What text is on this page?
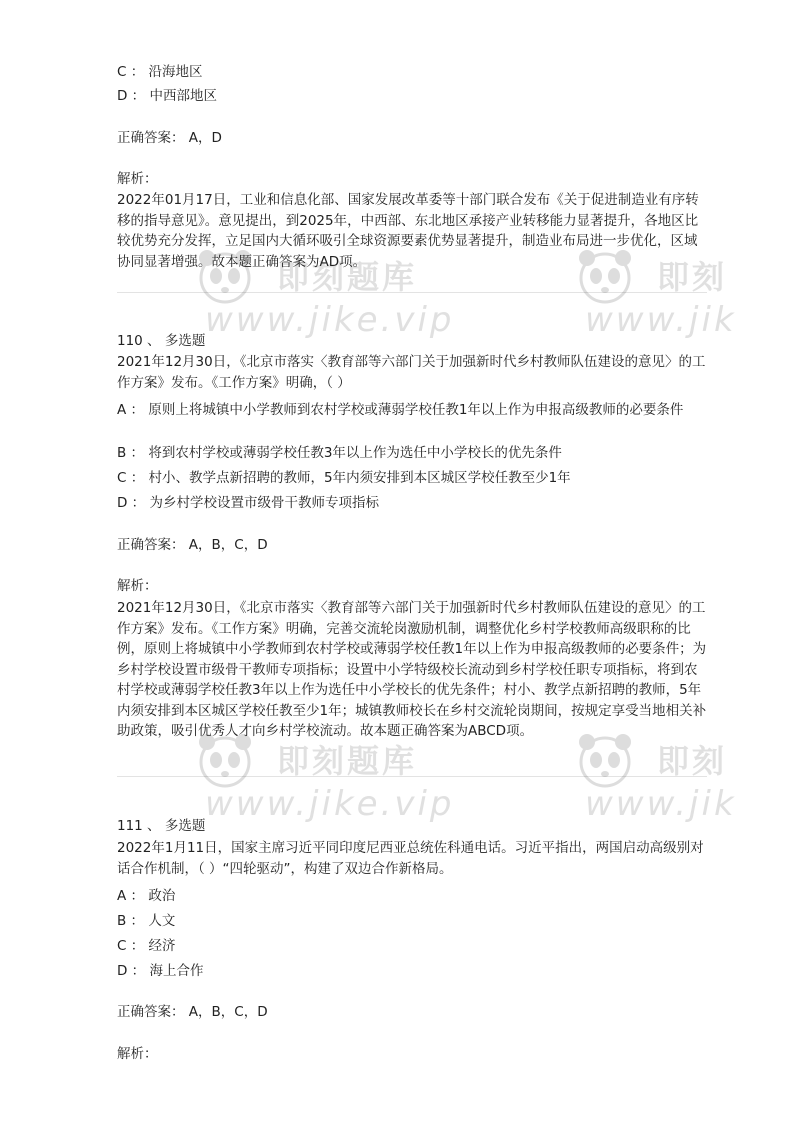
C ： 沿海地区
D ： 中西部地区
正确答案： A，D
解析：
2022年01月17日，工业和信息化部、国家发展改革委等十部门联合发布《关于促进制造业有序转移的指导意见》。意见提出，到2025年，中西部、东北地区承接产业转移能力显著提升，各地区比较优势充分发挥，立足国内大循环吸引全球资源要素优势显著提升，制造业布局进一步优化，区域协同显著增强。故本题正确答案为AD项。
110 、 多选题
2021年12月30日，《北京市落实〈教育部等六部门关于加强新时代乡村教师队伍建设的意见〉的工作方案》发布。《工作方案》明确，（ ）
A ： 原则上将城镇中小学教师到农村学校或薄弱学校任教1年以上作为申报高级教师的必要条件
B ： 将到农村学校或薄弱学校任教3年以上作为选任中小学校长的优先条件
C ： 村小、教学点新招聘的教师，5年内须安排到本区城区学校任教至少1年
D ： 为乡村学校设置市级骨干教师专项指标
正确答案： A，B，C，D
解析：
2021年12月30日，《北京市落实〈教育部等六部门关于加强新时代乡村教师队伍建设的意见〉的工作方案》发布。《工作方案》明确，完善交流轮岗激励机制，调整优化乡村学校教师高级职称的比例，原则上将城镇中小学教师到农村学校或薄弱学校任教1年以上作为申报高级教师的必要条件；为乡村学校设置市级骨干教师专项指标；设置中小学特级校长流动到乡村学校任职专项指标，将到农村学校或薄弱学校任教3年以上作为选任中小学校长的优先条件；村小、教学点新招聘的教师，5年内须安排到本区城区学校任教至少1年；城镇教师校长在乡村交流轮岗期间，按规定享受当地相关补助政策，吸引优秀人才向乡村学校流动。故本题正确答案为ABCD项。
111 、 多选题
2022年1月11日，国家主席习近平同印度尼西亚总统佐科通电话。习近平指出，两国启动高级别对话合作机制，（ ）“四轮驱动”，构建了双边合作新格局。
A ： 政治
B ： 人文
C ： 经济
D ： 海上合作
正确答案： A，B，C，D
解析：
即刻题库
www.jike.vip
即刻
www.jik
即刻题库
www.jike.vip
即刻
www.jik
